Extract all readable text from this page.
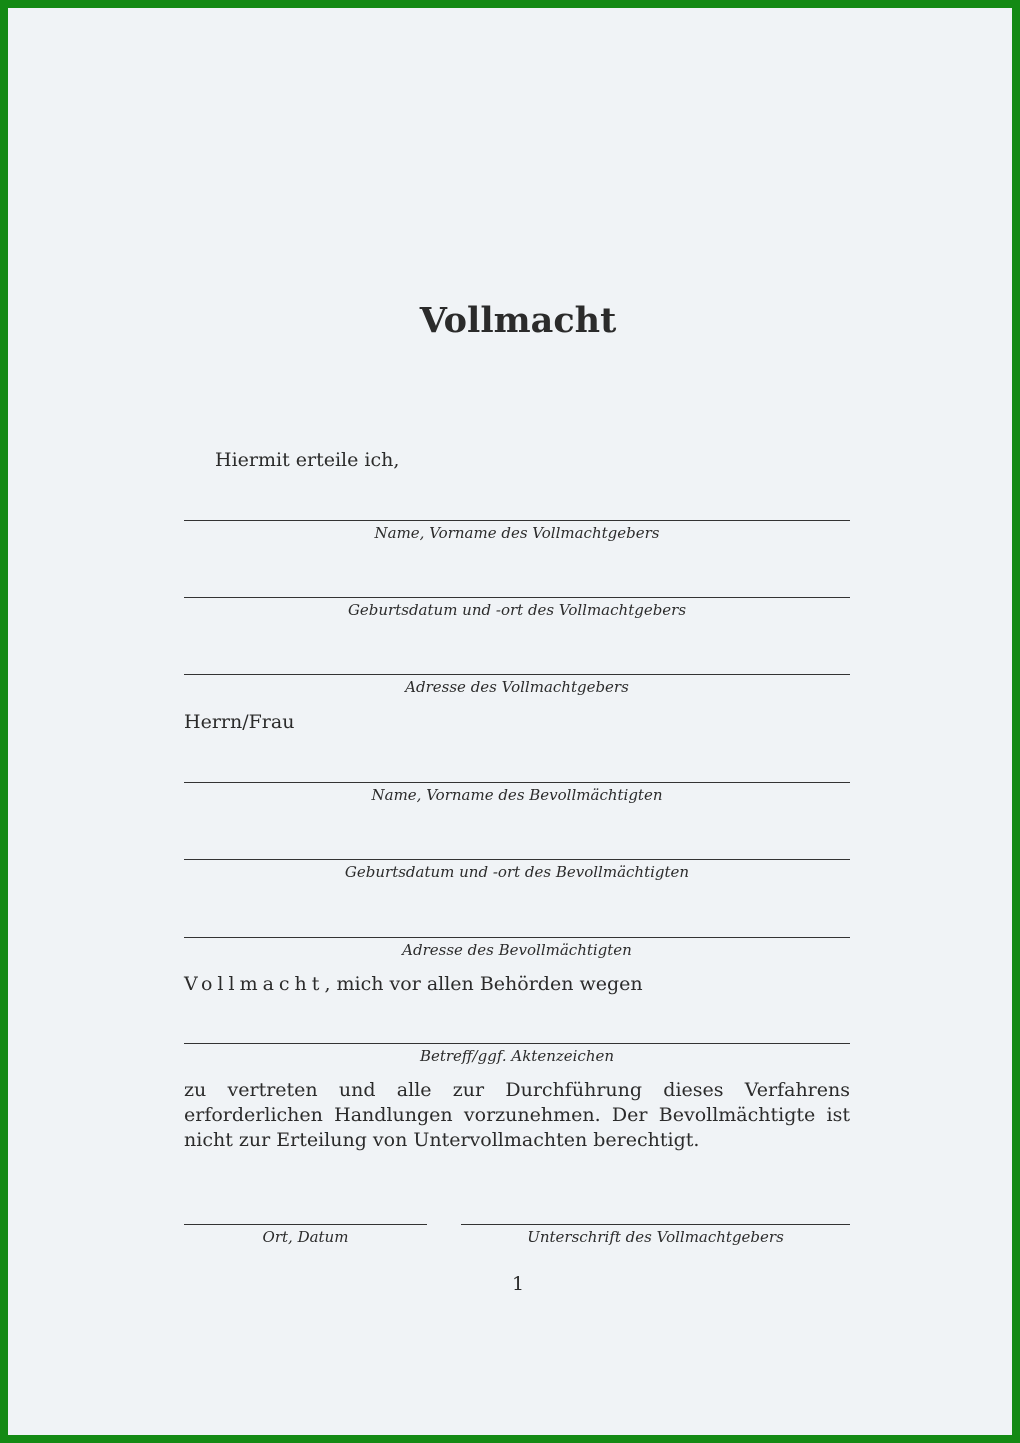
Vollmacht
Hiermit erteile ich,
Name, Vorname des Vollmachtgebers
Geburtsdatum und -ort des Vollmachtgebers
Adresse des Vollmachtgebers
Herrn/Frau
Name, Vorname des Bevollmächtigten
Geburtsdatum und -ort des Bevollmächtigten
Adresse des Bevollmächtigten
Vollmacht, mich vor allen Behörden wegen
Betreff/ggf. Aktenzeichen
zu vertreten und alle zur Durchführung dieses Verfahrens erforderlichen Handlungen vorzunehmen. Der Bevollmächtigte ist nicht zur Erteilung von Untervollmachten berechtigt.
Ort, Datum	Unterschrift des Vollmachtgebers
1
